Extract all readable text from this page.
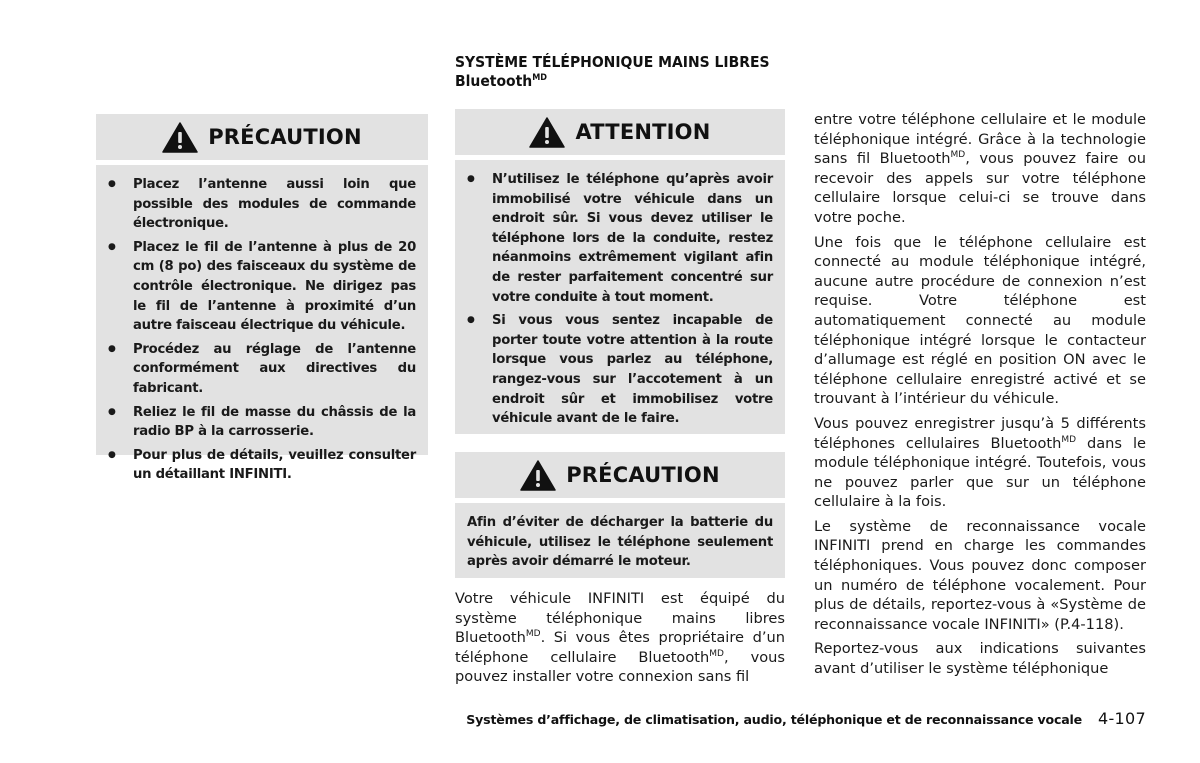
SYSTÈME TÉLÉPHONIQUE MAINS LIBRES
Bluetooth$^{MD}$
PRÉCAUTION
● Placez l’antenne aussi loin que possible des modules de commande électronique.
● Placez le fil de l’antenne à plus de 20 cm (8 po) des faisceaux du système de contrôle électronique. Ne dirigez pas le fil de l’antenne à proximité d’un autre faisceau électrique du véhicule.
● Procédez au réglage de l’antenne conformément aux directives du fabricant.
● Reliez le fil de masse du châssis de la radio BP à la carrosserie.
● Pour plus de détails, veuillez consulter un détaillant INFINITI.
ATTENTION
● N’utilisez le téléphone qu’après avoir immobilisé votre véhicule dans un endroit sûr. Si vous devez utiliser le téléphone lors de la conduite, restez néanmoins extrêmement vigilant afin de rester parfaitement concentré sur votre conduite à tout moment.
● Si vous vous sentez incapable de porter toute votre attention à la route lorsque vous parlez au téléphone, rangez-vous sur l’accotement à un endroit sûr et immobilisez votre véhicule avant de le faire.
PRÉCAUTION

Afin d’éviter de décharger la batterie du véhicule, utilisez le téléphone seulement après avoir démarré le moteur.

Votre véhicule INFINITI est équipé du système téléphonique mains libres Bluetooth$^{MD}$. Si vous êtes propriétaire d’un téléphone cellulaire Bluetooth$^{MD}$, vous pouvez installer votre connexion sans fil

entre votre téléphone cellulaire et le module téléphonique intégré. Grâce à la technologie sans fil Bluetooth$^{MD}$, vous pouvez faire ou recevoir des appels sur votre téléphone cellulaire lorsque celui-ci se trouve dans votre poche.

Une fois que le téléphone cellulaire est connecté au module téléphonique intégré, aucune autre procédure de connexion n’est requise. Votre téléphone est automatiquement connecté au module téléphonique intégré lorsque le contacteur d’allumage est réglé en position ON avec le téléphone cellulaire enregistré activé et se trouvant à l’intérieur du véhicule.

Vous pouvez enregistrer jusqu’à 5 différents téléphones cellulaires Bluetooth$^{MD}$ dans le module téléphonique intégré. Toutefois, vous ne pouvez parler que sur un téléphone cellulaire à la fois.

Le système de reconnaissance vocale INFINITI prend en charge les commandes téléphoniques. Vous pouvez donc composer un numéro de téléphone vocalement. Pour plus de détails, reportez-vous à «Système de reconnaissance vocale INFINITI» (P.4-118).

Reportez-vous aux indications suivantes avant d’utiliser le système téléphonique

Systèmes d’affichage, de climatisation, audio, téléphonique et de reconnaissance vocale 4-107
